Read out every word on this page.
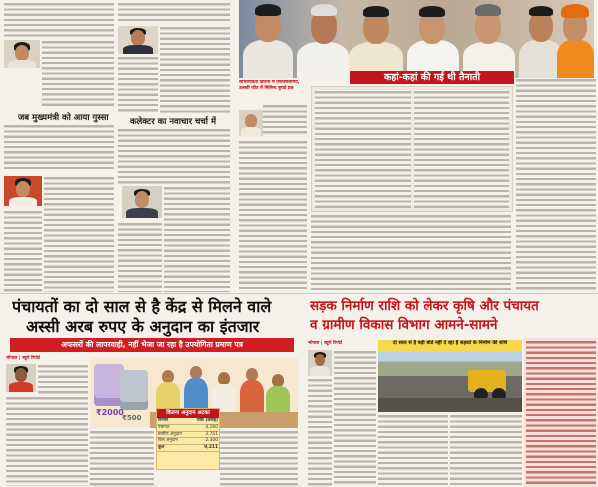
जब मुख्यमंत्री को आया गुस्सा	कलेक्टर का नवाचार चर्चा में
कहां-कहां की गई थी तैनाती
सौभाग्यवती डिजनी में सिलसिलामय, उत्सवी जीत में मिलिन्द बुराई प्रश्न
पंचायतों का दो साल से है केंद्र से मिलने वाले
अस्सी अरब रुपए के अनुदान का इंतजार
सड़क निर्माण राशि को लेकर कृषि और पंचायत
व ग्रामीण विकास विभाग आमने-सामने
अफसरों की लापरवाही, नहीं भेजा जा रहा है उपयोगिता प्रमाण पत्र
भोपाल | ब्यूरो रिपोर्ट
₹2000
₹500
कितना अनुदान अटका
विभाग	राशि (करोड़)
पंचायत	4,160
ग्रामीण अनुदान	2,751
वित्त अनुदान	2,300
कुल	9,211
भोपाल | ब्यूरो रिपोर्ट	दो साल से है बड़ी बोर्ड नहीं दे रहा है सड़कों के निर्माण की राशि
